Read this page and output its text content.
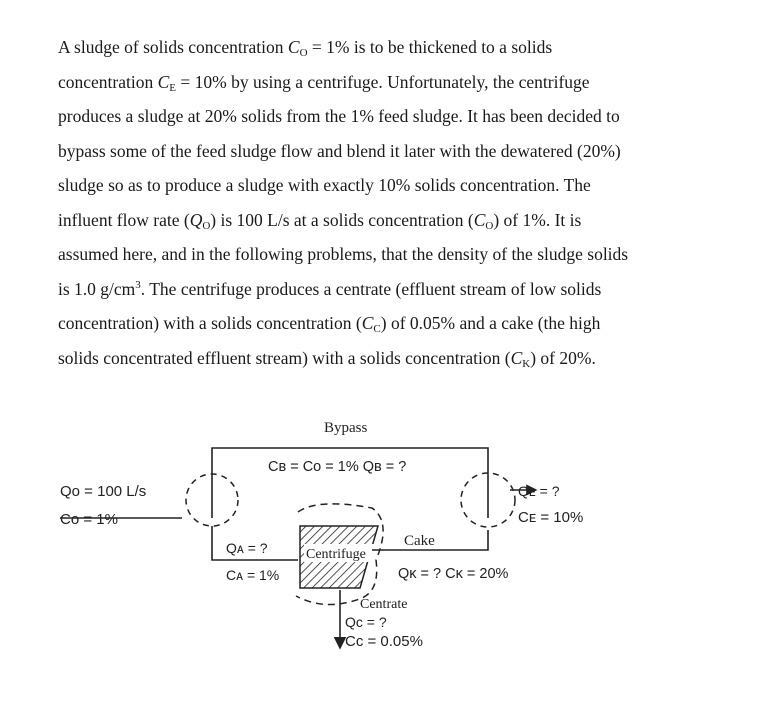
A sludge of solids concentration $C_O = 1\%$ is to be thickened to a solids
concentration $C_E = 10\%$ by using a centrifuge. Unfortunately, the centrifuge
produces a sludge at 20% solids from the 1% feed sludge. It has been decided to
bypass some of the feed sludge flow and blend it later with the dewatered (20%)
sludge so as to produce a sludge with exactly 10% solids concentration. The
influent flow rate $(Q_O)$ is 100 L/s at a solids concentration $(C_O)$ of 1%. It is
assumed here, and in the following problems, that the density of the sludge solids
is 1.0 $g/cm^3$. The centrifuge produces a centrate (effluent stream of low solids
concentration) with a solids concentration $(C_C)$ of 0.05% and a cake (the high
solids concentrated effluent stream) with a solids concentration $(C_K)$ of 20%.
Bypass
Cʙ = Cᴏ = 1% Qʙ = ?
Qᴏ = 100 L/s
Cᴏ = 1%
Qᴀ = ?
Cᴀ = 1%
Centrifuge
Cake
Qᴋ = ? Cᴋ = 20%
Qᴇ = ?
Cᴇ = 10%
Centrate
Qᴄ = ?
Cᴄ = 0.05%
